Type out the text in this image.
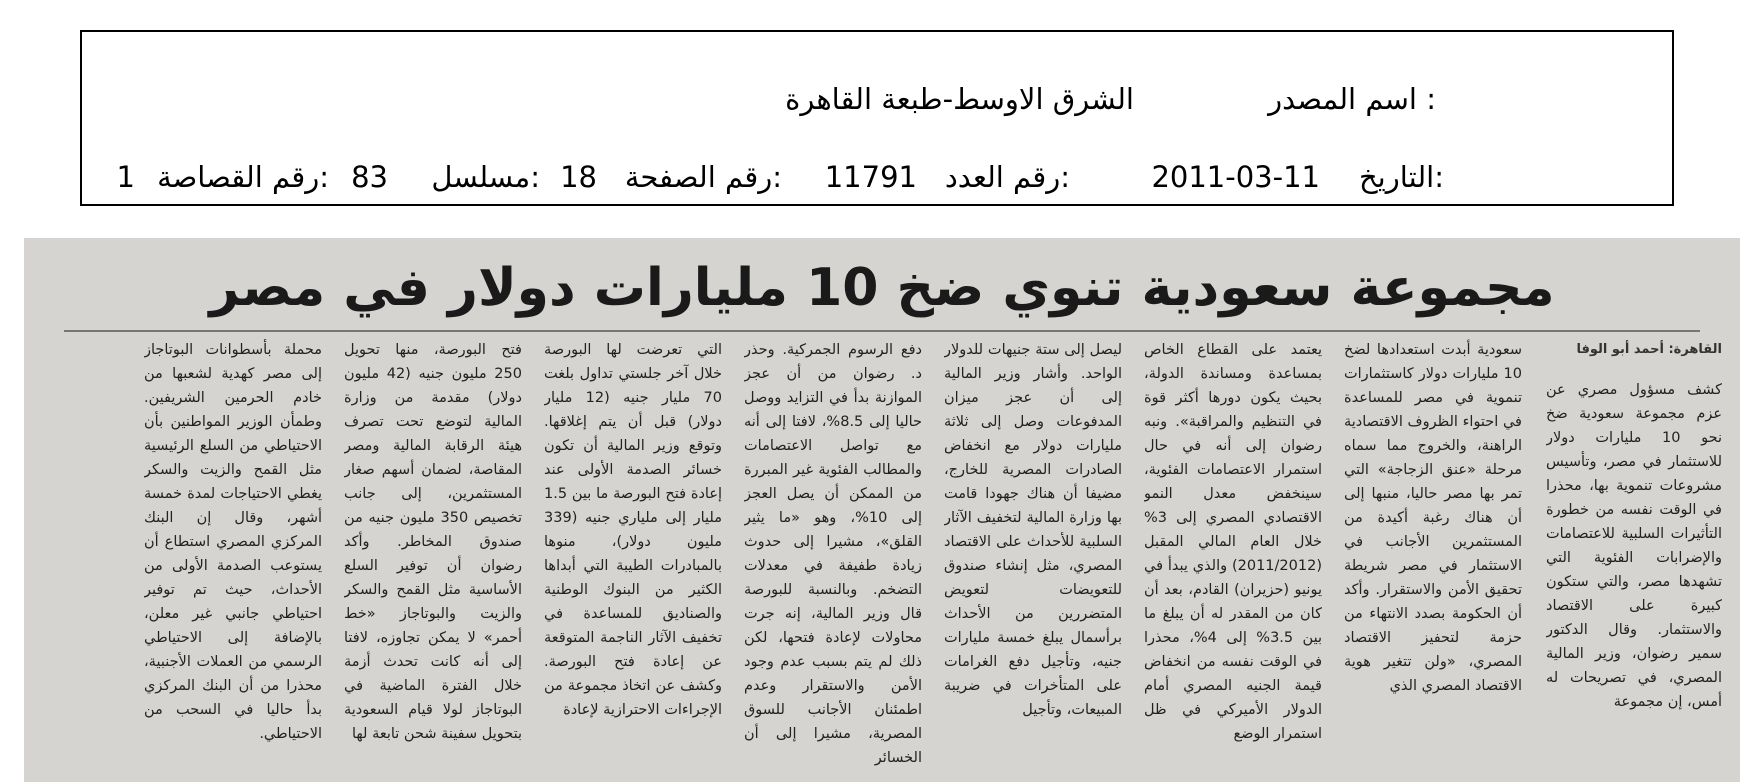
اسم المصدر :
الشرق الاوسط-طبعة القاهرة
التاريخ:
2011-03-11
رقم العدد:
11791
رقم الصفحة:
18
مسلسل:
83
رقم القصاصة:
1
مجموعة سعودية تنوي ضخ 10 مليارات دولار في مصر
القاهرة: أحمد أبو الوفا

كشف مسؤول مصري عن عزم مجموعة سعودية ضخ نحو 10 مليارات دولار للاستثمار في مصر، وتأسيس مشروعات تنموية بها، محذرا في الوقت نفسه من خطورة التأثيرات السلبية للاعتصامات والإضرابات الفئوية التي تشهدها مصر، والتي ستكون كبيرة على الاقتصاد والاستثمار. وقال الدكتور سمير رضوان، وزير المالية المصري، في تصريحات له أمس، إن مجموعة

سعودية أبدت استعدادها لضخ 10 مليارات دولار كاستثمارات تنموية في مصر للمساعدة في احتواء الظروف الاقتصادية الراهنة، والخروج مما سماه مرحلة «عنق الزجاجة» التي تمر بها مصر حاليا، منبها إلى أن هناك رغبة أكيدة من المستثمرين الأجانب في الاستثمار في مصر شريطة تحقيق الأمن والاستقرار. وأكد أن الحكومة بصدد الانتهاء من حزمة لتحفيز الاقتصاد المصري، «ولن تتغير هوية الاقتصاد المصري الذي

يعتمد على القطاع الخاص بمساعدة ومساندة الدولة، بحيث يكون دورها أكثر قوة في التنظيم والمراقبة». ونبه رضوان إلى أنه في حال استمرار الاعتصامات الفئوية، سينخفض معدل النمو الاقتصادي المصري إلى 3% خلال العام المالي المقبل (2011/2012) والذي يبدأ في يونيو (حزيران) القادم، بعد أن كان من المقدر له أن يبلغ ما بين 3.5% إلى 4%، محذرا في الوقت نفسه من انخفاض قيمة الجنيه المصري أمام الدولار الأميركي في ظل استمرار الوضع

ليصل إلى ستة جنيهات للدولار الواحد. وأشار وزير المالية إلى أن عجز ميزان المدفوعات وصل إلى ثلاثة مليارات دولار مع انخفاض الصادرات المصرية للخارج، مضيفا أن هناك جهودا قامت بها وزارة المالية لتخفيف الآثار السلبية للأحداث على الاقتصاد المصري، مثل إنشاء صندوق للتعويضات لتعويض المتضررين من الأحداث برأسمال يبلغ خمسة مليارات جنيه، وتأجيل دفع الغرامات على المتأخرات في ضريبة المبيعات، وتأجيل

دفع الرسوم الجمركية. وحذر د. رضوان من أن عجز الموازنة بدأ في التزايد ووصل حاليا إلى 8.5%، لافتا إلى أنه مع تواصل الاعتصامات والمطالب الفئوية غير المبررة من الممكن أن يصل العجز إلى 10%، وهو «ما يثير القلق»، مشيرا إلى حدوث زيادة طفيفة في معدلات التضخم. وبالنسبة للبورصة قال وزير المالية، إنه جرت محاولات لإعادة فتحها، لكن ذلك لم يتم بسبب عدم وجود الأمن والاستقرار وعدم اطمئنان الأجانب للسوق المصرية، مشيرا إلى أن الخسائر

التي تعرضت لها البورصة خلال آخر جلستي تداول بلغت 70 مليار جنيه (12 مليار دولار) قبل أن يتم إغلاقها. وتوقع وزير المالية أن تكون خسائر الصدمة الأولى عند إعادة فتح البورصة ما بين 1.5 مليار إلى ملياري جنيه (339 مليون دولار)، منوها بالمبادرات الطيبة التي أبداها الكثير من البنوك الوطنية والصناديق للمساعدة في تخفيف الآثار الناجمة المتوقعة عن إعادة فتح البورصة. وكشف عن اتخاذ مجموعة من الإجراءات الاحترازية لإعادة

فتح البورصة، منها تحويل 250 مليون جنيه (42 مليون دولار) مقدمة من وزارة المالية لتوضع تحت تصرف هيئة الرقابة المالية ومصر المقاصة، لضمان أسهم صغار المستثمرين، إلى جانب تخصيص 350 مليون جنيه من صندوق المخاطر. وأكد رضوان أن توفير السلع الأساسية مثل القمح والسكر والزيت والبوتاجاز «خط أحمر» لا يمكن تجاوزه، لافتا إلى أنه كانت تحدث أزمة خلال الفترة الماضية في البوتاجاز لولا قيام السعودية بتحويل سفينة شحن تابعة لها

محملة بأسطوانات البوتاجاز إلى مصر كهدية لشعبها من خادم الحرمين الشريفين. وطمأن الوزير المواطنين بأن الاحتياطي من السلع الرئيسية مثل القمح والزيت والسكر يغطي الاحتياجات لمدة خمسة أشهر، وقال إن البنك المركزي المصري استطاع أن يستوعب الصدمة الأولى من الأحداث، حيث تم توفير احتياطي جانبي غير معلن، بالإضافة إلى الاحتياطي الرسمي من العملات الأجنبية، محذرا من أن البنك المركزي بدأ حاليا في السحب من الاحتياطي.
